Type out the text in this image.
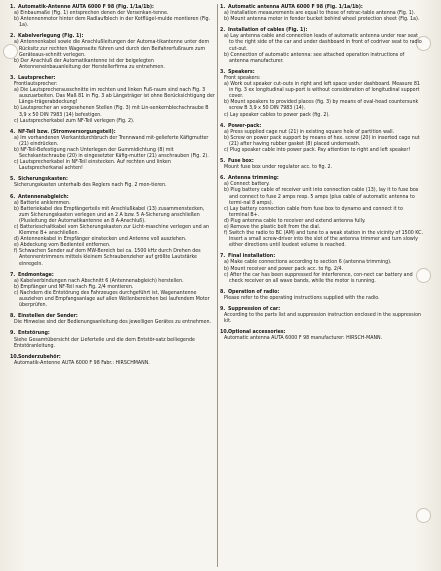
1. Automatik-Antenne AUTA 6000 F 98 (Fig. 1/1a/1b):
a) Einbaumaße (Fig. 1) entsprechen denen der Versenkan-tenne.
b) Antennenmotor hinter dem Radlaufblech in der Kotflügel-mulde montieren (Fig. 1a).
2. Kabelverlegung (Fig. 1):
a) Antennenkabel sowie die Anschlußleitungen der Automa-tikantenne unter dem Rücksitz zur rechten Wagenseite führen und durch den Beifahrerfußraum zum Geräteaus-schnitt verlegen.
b) Der Anschluß der Automatikantenne ist der beigelegten Antenneneinbauanleitung der Herstellerfirma zu entnehmen.
3. Lautsprecher:
Frontlautsprecher:
a) Die Lautsprecherausschnitte im rechten und linken Fuß-raum sind nach Fig. 3 auszuarbeiten. Das Maß 81 in Fig. 3 ab Längsträger ist ohne Berücksichtigung der Längs-trägerabdeckung!
b) Lautsprecher an vorgesehenen Stellen (Fig. 3) mit Lin-senkernblechschraube B 3,9 x 50 DIN 7983 (14) befestigen.
c) Lautsprecherkabel zum NF-Teil verlegen (Fig. 2).
4. NF-Teil bzw. (Stromversorgungsteil):
a) Im vorhandenen Vierkantdurchbruch der Trennwand mit-gelieferte Käfigmutter (21) eindrücken.
b) NF-Teil-Befestigung nach Unterlegen der Gummidichtung (8) mit Sechskantschraube (20) in eingesetzter Käfig-mutter (21) anschrauben (Fig. 2).
c) Lautsprecherkabel in NF-Teil einstecken. Auf rechten und linken Lautsprecherkanal achten!
5. Sicherungskasten:
Sicherungskasten unterhalb des Reglers nach Fig. 2 mon-tieren.
6. Antennenabgleich:
a) Batterie anklemmen.
b) Batteriekabel des Empfängerteils mit Anschlußkabel (13) zusammenstecken, zum Sicherungskasten verlegen und an 2 A bzw. 5 A-Sicherung anschließen (Plusleitung der Automatikantenne an 8 A-Anschluß).
c) Batterieschaltkabel vom Sicherungskasten zur Licht-maschine verlegen und an Klemme B+ anschließen.
d) Antennenkabel in Empfänger einstecken und Antenne voll ausziehen.
e) Abdeckung vom Bedienteil entfernen.
f) Schwachen Sender auf dem MW-Bereich bei ca. 1500 kHz durch Drehen des Antennentrimmers mittels kleinem Schraubenzieher auf größte Lautstärke einregeln.
7. Endmontage:
a) Kabelverbindungen nach Abschnitt 6 (Antennenabgleich) herstellen.
b) Empfänger und NF-Teil nach Fig. 2/4 montieren.
c) Nachdem die Entstörung des Fahrzeuges durchgeführt ist, Wagenantenne ausziehen und Empfangsanlage auf allen Wellenbereichen bei laufendem Motor überprüfen.
8. Einstellen der Sender:
Die Hinweise sind der Bedienungsanleitung des jeweiligen Gerätes zu entnehmen.
9. Entstörung:
Siehe Gesamtübersicht der Lieferteile und die dem Entstör-satz beiliegende Entstöranleitung.
10.Sonderzubehör:
Automatik-Antenne AUTA 6000 F 98 Fabr.: HIRSCHMANN.
1. Automatic antenna AUTA 6000 F 98 (Fig. 1/1a/1b):
a) Installation measurements are equal to those of retrac-table antenna (Fig. 1).
b) Mount antenna motor in fender bucket behind wheel protection sheet (Fig. 1a).
2. Installation of cables (Fig. 1):
a) Lay antenna cable and connection leads of automatic antenna under rear seat to the right side of the car and under dashboard in front of codriver seat to radio cut-out.
b) Connection of automatic antenna: see attached operation instructions of antenna manufacturer.
3. Speakers:
Front speakers:
a) Work out speaker cut-outs in right and left space under dashboard. Measure 81 in fig. 3 ex longitudinal sup-port is without consideration of longitudinal support cover.
b) Mount speakers to provided places (fig. 3) by means of oval-head countersunk screw B 3,9 x 50 DIN 7983 (14).
c) Lay speaker cables to power pack (fig. 2).
4. Power-pack:
a) Press supplied cage nut (21) in existing square hole of partition wall.
b) Screw on power pack support by means of hex. screw (20) in inserted cage nut (21) after having rubber gasket (8) placed underneath.
c) Plug speaker cable into power pack. Pay attention to right and left speaker!
5. Fuse box:
Mount fuse box under regulator acc. to fig. 2.
6. Antenna trimming:
a) Connect battery.
b) Plug battery cable of receiver unit into connection cable (13), lay it to fuse box and connect to fuse 2 amps resp. 5 amps (plus cable of automatic antenna to termi-nal 8 amps).
c) Lay battery connection cable from fuse box to dynamo and connect it to terminal B+.
d) Plug antenna cable to receiver and extend antenna fully.
e) Remove the plastic bolt from the dial.
f) Switch the radio to BC (AM) and tune to a weak station in the vicinity of 1500 KC. Insert a small screw-driver into the slot of the antenna trimmer and turn slowly either directions until loudest volume is reached.
7. Final installation:
a) Make cable connections according to section 6 (antenna trimming).
b) Mount receiver and power pack acc. to fig. 2/4.
c) After the car has been suppressed for interference, con-nect car battery and check receiver on all wave bands, while the motor is running.
8. Operation of radio:
Please refer to the operating instructions supplied with the radio.
9. Suppression of car:
According to the parts list and suppression instruction enclosed in the suppression kit.
10.Optional accessories:
Automatic antenna AUTA 6000 F 98 manufacturer: HIRSCH-MANN.
